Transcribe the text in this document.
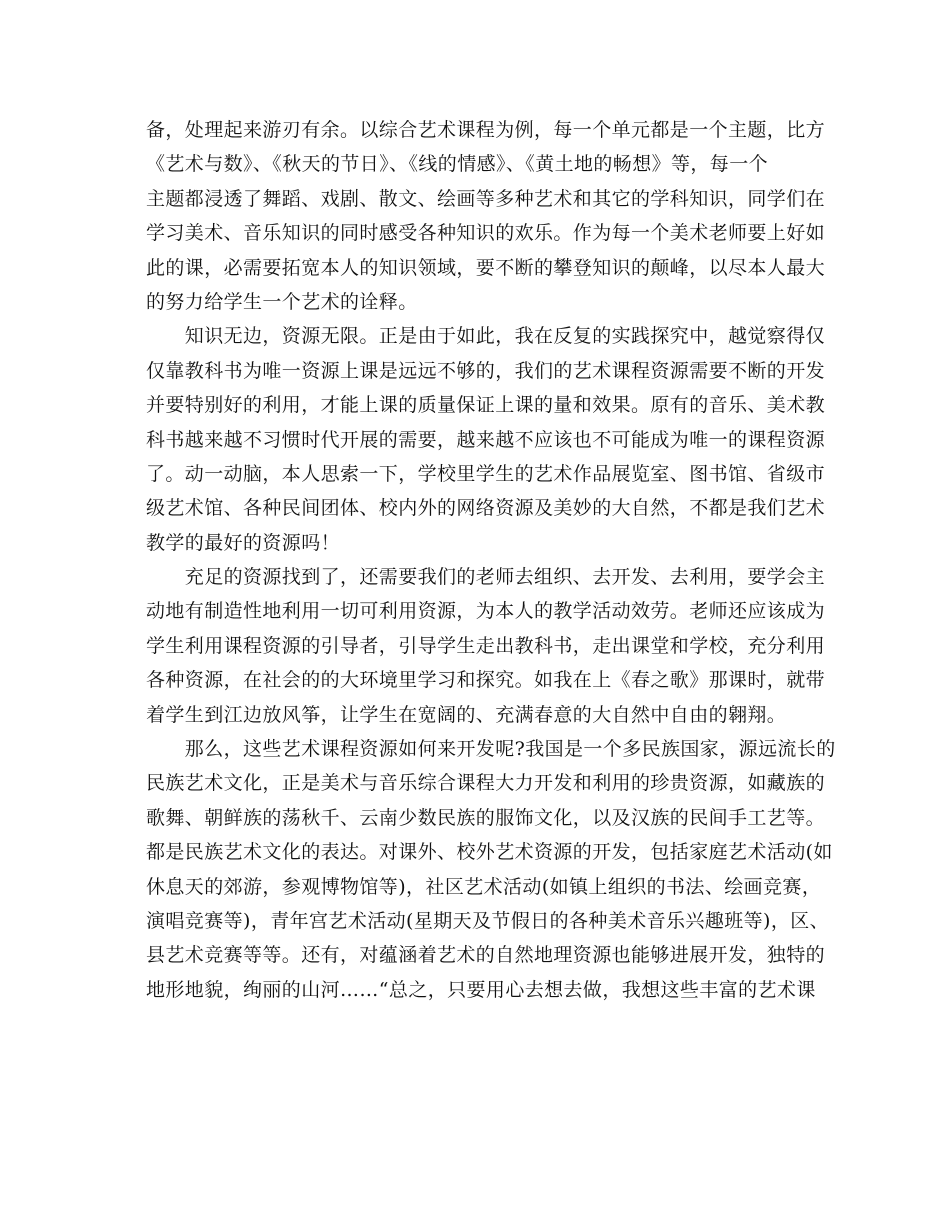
备，处理起来游刃有余。以综合艺术课程为例，每一个单元都是一个主题，比方
《艺术与数》、《秋天的节日》、《线的情感》、《黄土地的畅想》等，每一个
主题都浸透了舞蹈、戏剧、散文、绘画等多种艺术和其它的学科知识，同学们在
学习美术、音乐知识的同时感受各种知识的欢乐。作为每一个美术老师要上好如
此的课，必需要拓宽本人的知识领域，要不断的攀登知识的颠峰，以尽本人最大
的努力给学生一个艺术的诠释。
　　知识无边，资源无限。正是由于如此，我在反复的实践探究中，越觉察得仅
仅靠教科书为唯一资源上课是远远不够的，我们的艺术课程资源需要不断的开发
并要特别好的利用，才能上课的质量保证上课的量和效果。原有的音乐、美术教
科书越来越不习惯时代开展的需要，越来越不应该也不可能成为唯一的课程资源
了。动一动脑，本人思索一下，学校里学生的艺术作品展览室、图书馆、省级市
级艺术馆、各种民间团体、校内外的网络资源及美妙的大自然，不都是我们艺术
教学的最好的资源吗！
　　充足的资源找到了，还需要我们的老师去组织、去开发、去利用，要学会主
动地有制造性地利用一切可利用资源，为本人的教学活动效劳。老师还应该成为
学生利用课程资源的引导者，引导学生走出教科书，走出课堂和学校，充分利用
各种资源，在社会的的大环境里学习和探究。如我在上《春之歌》那课时，就带
着学生到江边放风筝，让学生在宽阔的、充满春意的大自然中自由的翱翔。
　　那么，这些艺术课程资源如何来开发呢?我国是一个多民族国家，源远流长的
民族艺术文化，正是美术与音乐综合课程大力开发和利用的珍贵资源，如藏族的
歌舞、朝鲜族的荡秋千、云南少数民族的服饰文化，以及汉族的民间手工艺等。
都是民族艺术文化的表达。对课外、校外艺术资源的开发，包括家庭艺术活动(如
休息天的郊游，参观博物馆等)，社区艺术活动(如镇上组织的书法、绘画竞赛，
演唱竞赛等)，青年宫艺术活动(星期天及节假日的各种美术音乐兴趣班等)，区、
县艺术竞赛等等。还有，对蕴涵着艺术的自然地理资源也能够进展开发，独特的
地形地貌，绚丽的山河……“总之，只要用心去想去做，我想这些丰富的艺术课
